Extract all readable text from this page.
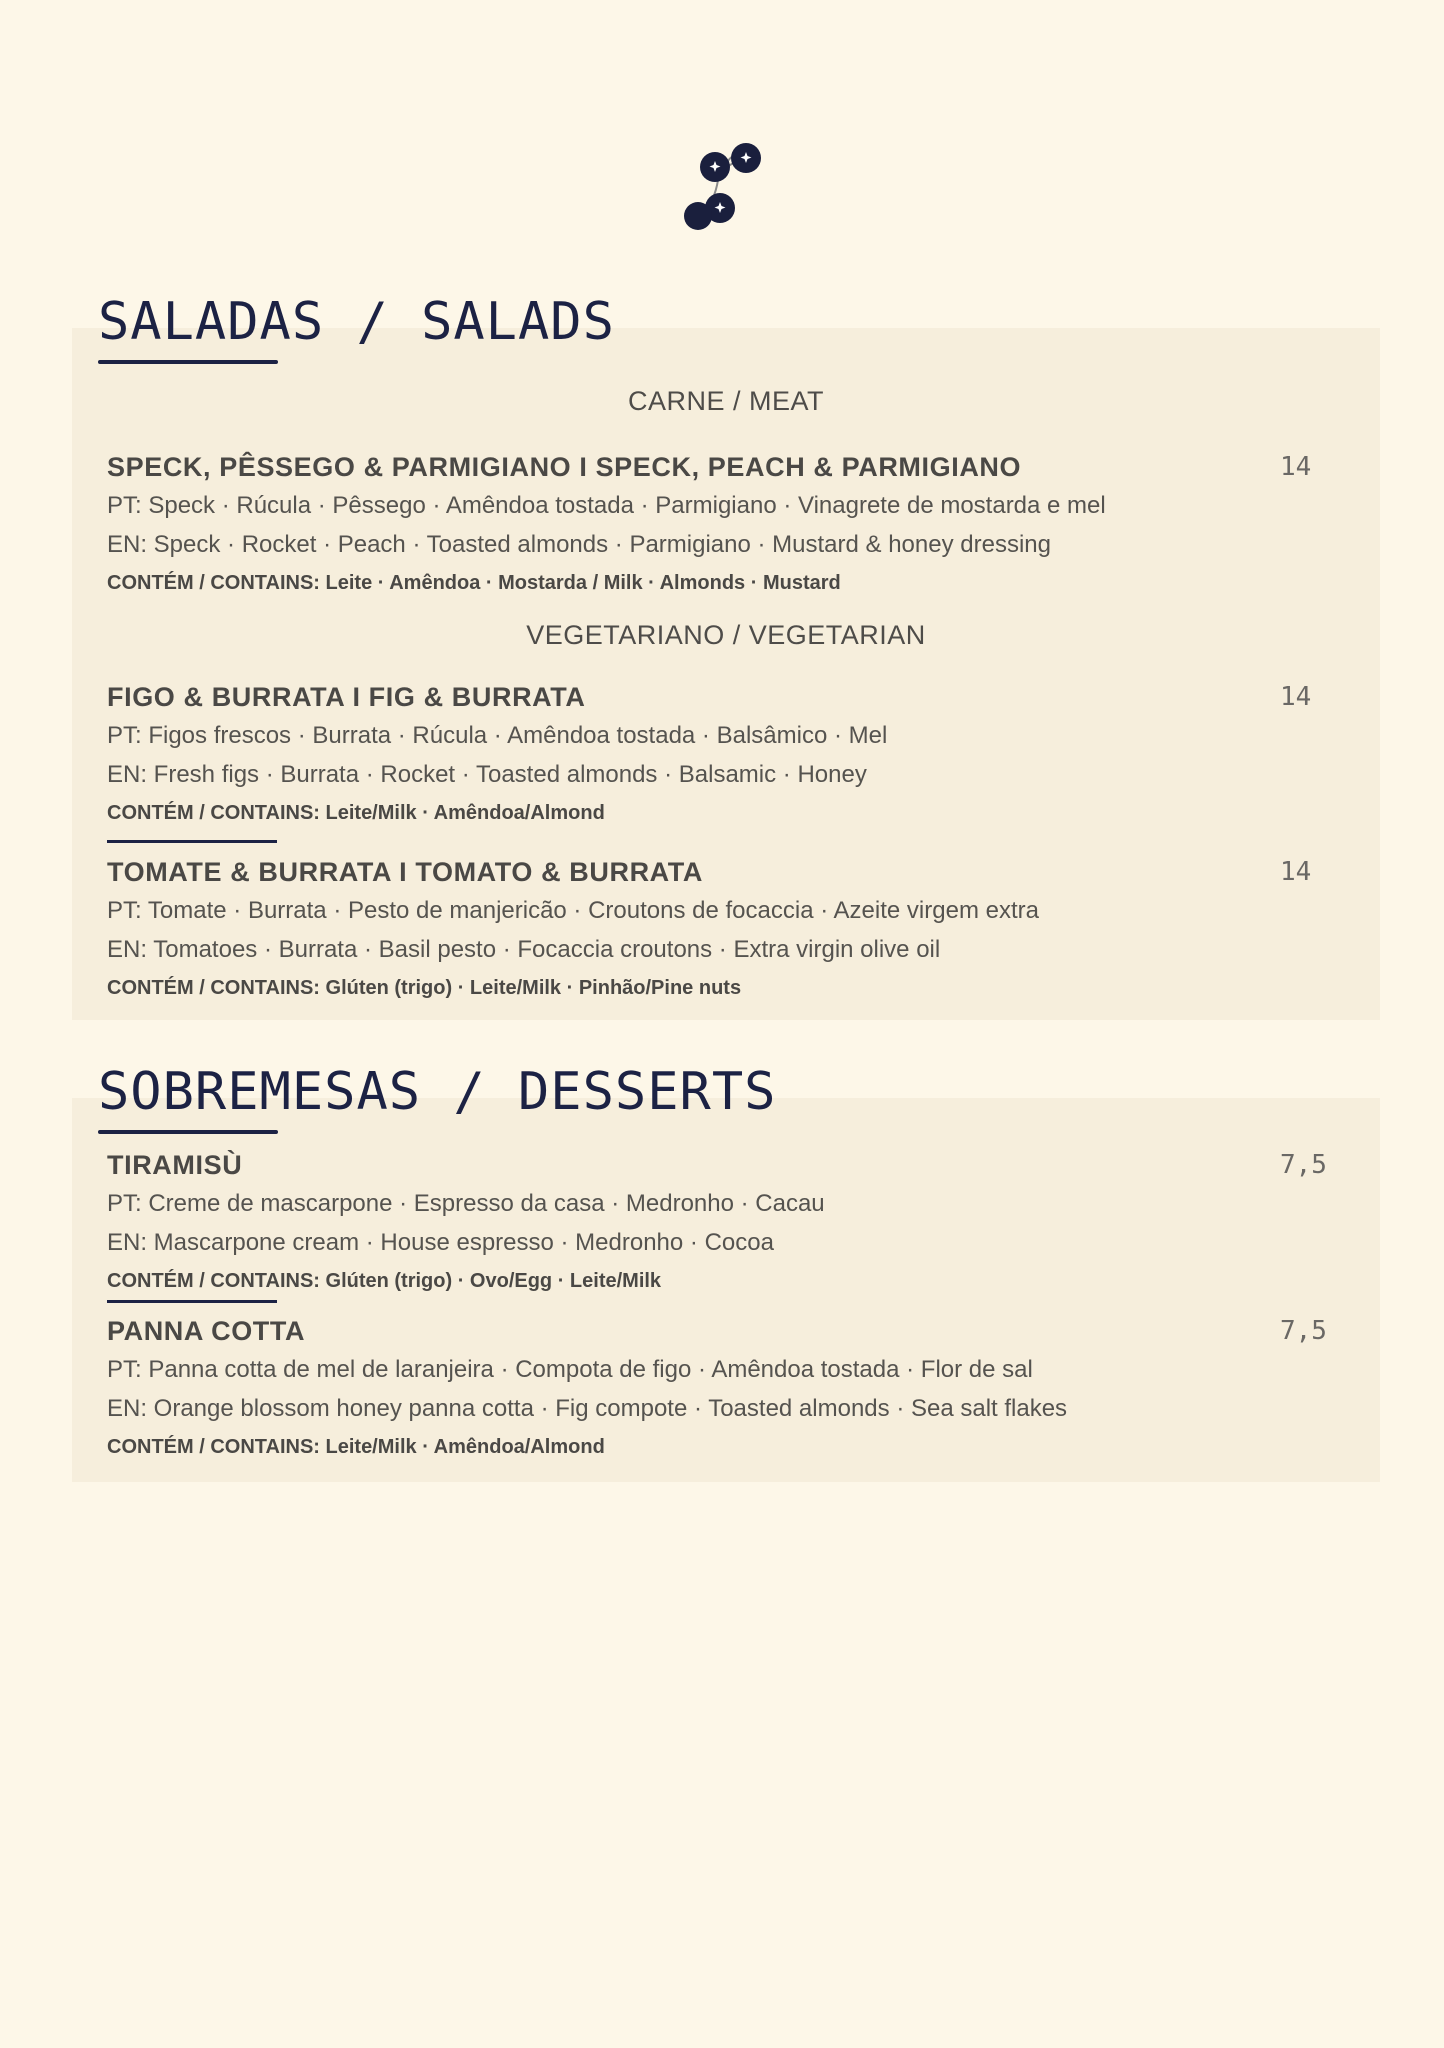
SALADAS / SALADS
CARNE / MEAT
SPECK, PÊSSEGO & PARMIGIANO I SPECK, PEACH & PARMIGIANO	14
PT: Speck · Rúcula · Pêssego · Amêndoa tostada · Parmigiano · Vinagrete de mostarda e mel
EN: Speck · Rocket · Peach · Toasted almonds · Parmigiano · Mustard & honey dressing
CONTÉM / CONTAINS: Leite · Amêndoa · Mostarda / Milk · Almonds · Mustard
VEGETARIANO / VEGETARIAN
FIGO & BURRATA I FIG & BURRATA	14
PT: Figos frescos · Burrata · Rúcula · Amêndoa tostada · Balsâmico · Mel
EN: Fresh figs · Burrata · Rocket · Toasted almonds · Balsamic · Honey
CONTÉM / CONTAINS: Leite/Milk · Amêndoa/Almond
TOMATE & BURRATA I TOMATO & BURRATA	14
PT: Tomate · Burrata · Pesto de manjericão · Croutons de focaccia · Azeite virgem extra
EN: Tomatoes · Burrata · Basil pesto · Focaccia croutons · Extra virgin olive oil
CONTÉM / CONTAINS: Glúten (trigo) · Leite/Milk · Pinhão/Pine nuts
SOBREMESAS / DESSERTS
TIRAMISÙ	7,5
PT: Creme de mascarpone · Espresso da casa · Medronho · Cacau
EN: Mascarpone cream · House espresso · Medronho · Cocoa
CONTÉM / CONTAINS: Glúten (trigo) · Ovo/Egg · Leite/Milk
PANNA COTTA	7,5
PT: Panna cotta de mel de laranjeira · Compota de figo · Amêndoa tostada · Flor de sal
EN: Orange blossom honey panna cotta · Fig compote · Toasted almonds · Sea salt flakes
CONTÉM / CONTAINS: Leite/Milk · Amêndoa/Almond
